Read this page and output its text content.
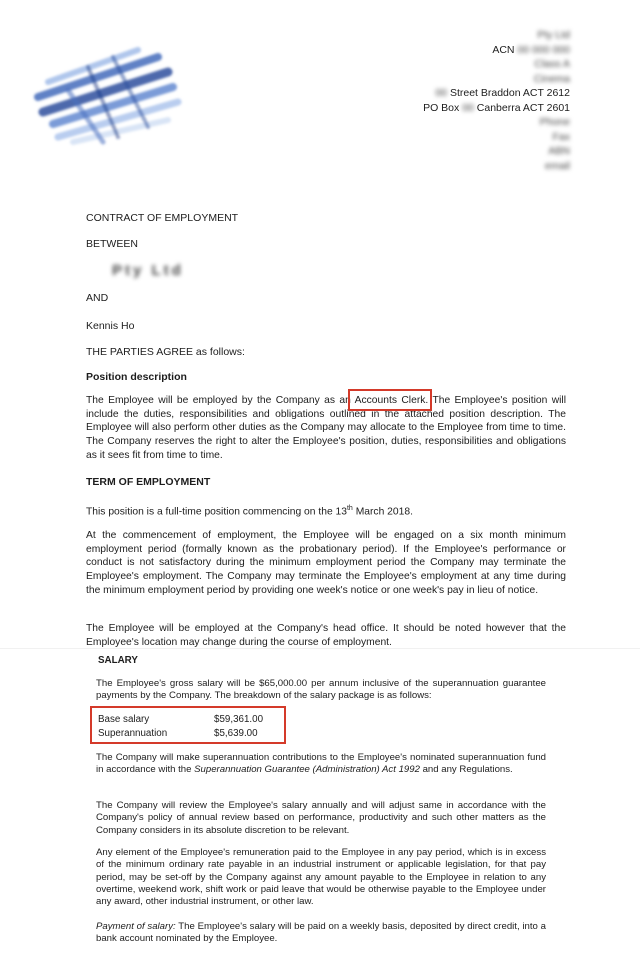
Pty Ltd
ACN 00 000 000
Class A
Cinema
00 Street Braddon ACT 2612
PO Box 00 Canberra ACT 2601
Phone
Fax
ABN
email
CONTRACT OF EMPLOYMENT
BETWEEN
Pty Ltd
AND
Kennis Ho
THE PARTIES AGREE as follows:
Position description
The Employee will be employed by the Company as an Accounts Clerk. The Employee's position will include the duties, responsibilities and obligations outlined in the attached position description. The Employee will also perform other duties as the Company may allocate to the Employee from time to time. The Company reserves the right to alter the Employee's position, duties, responsibilities and obligations as it sees fit from time to time.
TERM OF EMPLOYMENT
This position is a full-time position commencing on the 13th March 2018.
At the commencement of employment, the Employee will be engaged on a six month minimum employment period (formally known as the probationary period). If the Employee's performance or conduct is not satisfactory during the minimum employment period the Company may terminate the Employee's employment. The Company may terminate the Employee's employment at any time during the minimum employment period by providing one week's notice or one week's pay in lieu of notice.
The Employee will be employed at the Company's head office. It should be noted however that the Employee's location may change during the course of employment.
SALARY
The Employee's gross salary will be $65,000.00 per annum inclusive of the superannuation guarantee payments by the Company. The breakdown of the salary package is as follows:
Base salary	$59,361.00
Superannuation	$5,639.00
The Company will make superannuation contributions to the Employee's nominated superannuation fund in accordance with the Superannuation Guarantee (Administration) Act 1992 and any Regulations.
The Company will review the Employee's salary annually and will adjust same in accordance with the Company's policy of annual review based on performance, productivity and such other matters as the Company considers in its absolute discretion to be relevant.
Any element of the Employee's remuneration paid to the Employee in any pay period, which is in excess of the minimum ordinary rate payable in an industrial instrument or applicable legislation, for that pay period, may be set-off by the Company against any amount payable to the Employee in relation to any overtime, weekend work, shift work or paid leave that would be otherwise payable to the Employee under any award, other industrial instrument, or other law.
Payment of salary: The Employee's salary will be paid on a weekly basis, deposited by direct credit, into a bank account nominated by the Employee.
